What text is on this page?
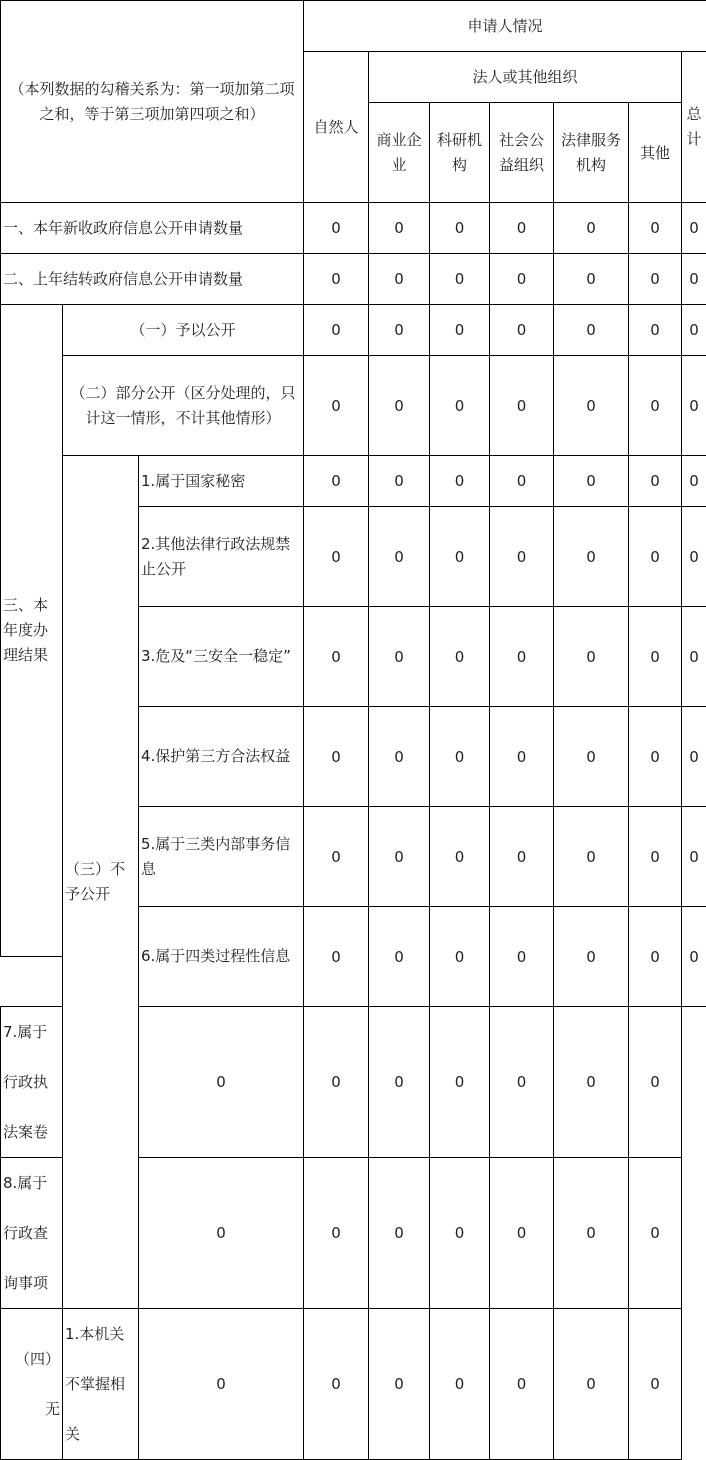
（本列数据的勾稽关系为：第一项加第二项之和，等于第三项加第四项之和）			申请人情况						
			自然人	法人或其他组织					总计
				商业企业	科研机构	社会公益组织	法律服务机构	其他	

一、本年新收政府信息公开申请数量			0	0	0	0	0	0	0
二、上年结转政府信息公开申请数量			0	0	0	0	0	0	0
三、本年度办理结果	（一）予以公开		0	0	0	0	0	0	0
	（二）部分公开（区分处理的，只计这一情形，不计其他情形）		0	0	0	0	0	0	0

	（三）不予公开	1.属于国家秘密	0	0	0	0	0	0	0
		2.其他法律行政法规禁止公开	0	0	0	0	0	0	0

		3.危及“三安全一稳定”	0	0	0	0	0	0	0

		4.保护第三方合法权益	0	0	0	0	0	0	0

		5.属于三类内部事务信息	0	0	0	0	0	0	0

		6.属于四类过程性信息	0	0	0	0	0	0	0

7.属于行政执法案卷		0	0	0	0	0	0	0	
8.属于行政查询事项		0	0	0	0	0	0	0	
（四）无	1.本机关不掌握相关	0	0	0	0	0	0	0	
